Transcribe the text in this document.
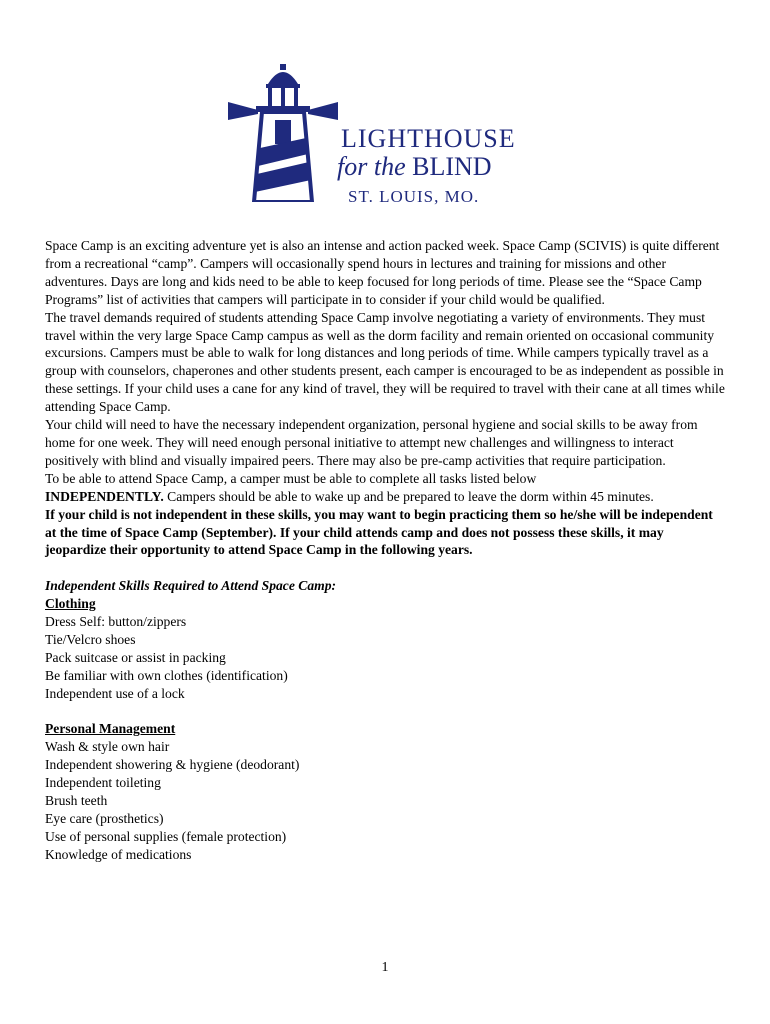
LIGHTHOUSE
for the BLIND
ST. LOUIS, MO.

Space Camp is an exciting adventure yet is also an intense and action packed week. Space Camp (SCIVIS) is quite different from a recreational “camp”. Campers will occasionally spend hours in lectures and training for missions and other adventures. Days are long and kids need to be able to keep focused for long periods of time. Please see the “Space Camp Programs” list of activities that campers will participate in to consider if your child would be qualified.

The travel demands required of students attending Space Camp involve negotiating a variety of environments. They must travel within the very large Space Camp campus as well as the dorm facility and remain oriented on occasional community excursions. Campers must be able to walk for long distances and long periods of time. While campers typically travel as a group with counselors, chaperones and other students present, each camper is encouraged to be as independent as possible in these settings. If your child uses a cane for any kind of travel, they will be required to travel with their cane at all times while attending Space Camp.

Your child will need to have the necessary independent organization, personal hygiene and social skills to be away from home for one week. They will need enough personal initiative to attempt new challenges and willingness to interact positively with blind and visually impaired peers. There may also be pre-camp activities that require participation.

To be able to attend Space Camp, a camper must be able to complete all tasks listed below
INDEPENDENTLY. Campers should be able to wake up and be prepared to leave the dorm within 45 minutes.

If your child is not independent in these skills, you may want to begin practicing them so he/she will be independent at the time of Space Camp (September). If your child attends camp and does not possess these skills, it may jeopardize their opportunity to attend Space Camp in the following years.

Independent Skills Required to Attend Space Camp:

Clothing

Dress Self: button/zippers
Tie/Velcro shoes
Pack suitcase or assist in packing
Be familiar with own clothes (identification)
Independent use of a lock

Personal Management

Wash & style own hair
Independent showering & hygiene (deodorant)
Independent toileting
Brush teeth
Eye care (prosthetics)
Use of personal supplies (female protection)
Knowledge of medications
1
